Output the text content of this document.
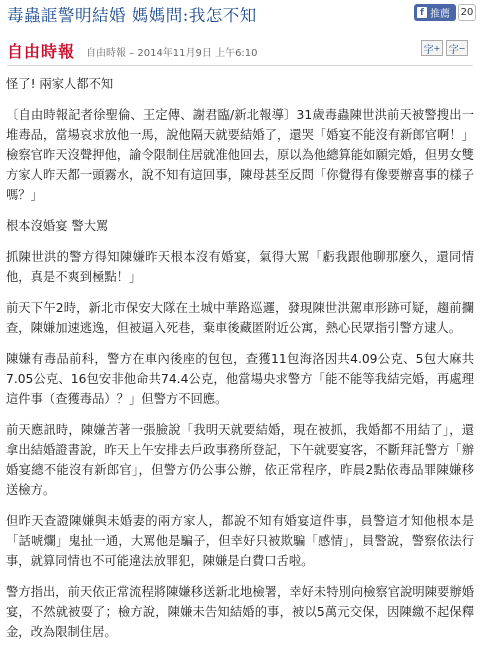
毒蟲誆警明結婚 媽媽問:我怎不知	f 推薦 20
自由時報 自由時報 – 2014年11月9日 上午6:10	字 + 字 −

怪了! 兩家人都不知

〔自由時報記者徐聖倫、王定傳、謝君臨/新北報導〕31歲毒蟲陳世洪前天被警搜出一堆毒品，當場哀求放他一馬，說他隔天就要結婚了，還哭「婚宴不能沒有新郎官啊！」檢察官昨天沒聲押他，諭令限制住居就准他回去，原以為他總算能如願完婚，但男女雙方家人昨天都一頭霧水，說不知有這回事，陳母甚至反問「你覺得有像要辦喜事的樣子嗎？」

根本沒婚宴 警大罵

抓陳世洪的警方得知陳嫌昨天根本沒有婚宴，氣得大罵「虧我跟他聊那麼久，還同情他，真是不爽到極點！」

前天下午2時，新北市保安大隊在土城中華路巡邏，發現陳世洪駕車形跡可疑，趨前攔查，陳嫌加速逃逸，但被逼入死巷，棄車後藏匿附近公寓，熱心民眾指引警方逮人。

陳嫌有毒品前科，警方在車內後座的包包，查獲11包海洛因共4.09公克、5包大麻共7.05公克、16包安非他命共74.4公克，他當場央求警方「能不能等我結完婚，再處理這件事（查獲毒品）？」但警方不回應。

前天應訊時，陳嫌苦著一張臉說「我明天就要結婚，現在被抓，我婚都不用結了」，還拿出結婚證書說，昨天上午安排去戶政事務所登記，下午就要宴客，不斷拜託警方「辦婚宴總不能沒有新郎官」，但警方仍公事公辦，依正常程序，昨晨2點依毒品罪陳嫌移送檢方。

但昨天查證陳嫌與未婚妻的兩方家人，都說不知有婚宴這件事，員警這才知他根本是「話唬爛」鬼扯一通，大罵他是騙子，但幸好只被欺騙「感情」，員警說，警察依法行事，就算同情也不可能違法放罪犯，陳嫌是白費口舌啦。

警方指出，前天依正常流程將陳嫌移送新北地檢署，幸好未特別向檢察官說明陳要辦婚宴，不然就被耍了；檢方說，陳嫌未告知結婚的事，被以5萬元交保，因陳繳不起保釋金，改為限制住居。
